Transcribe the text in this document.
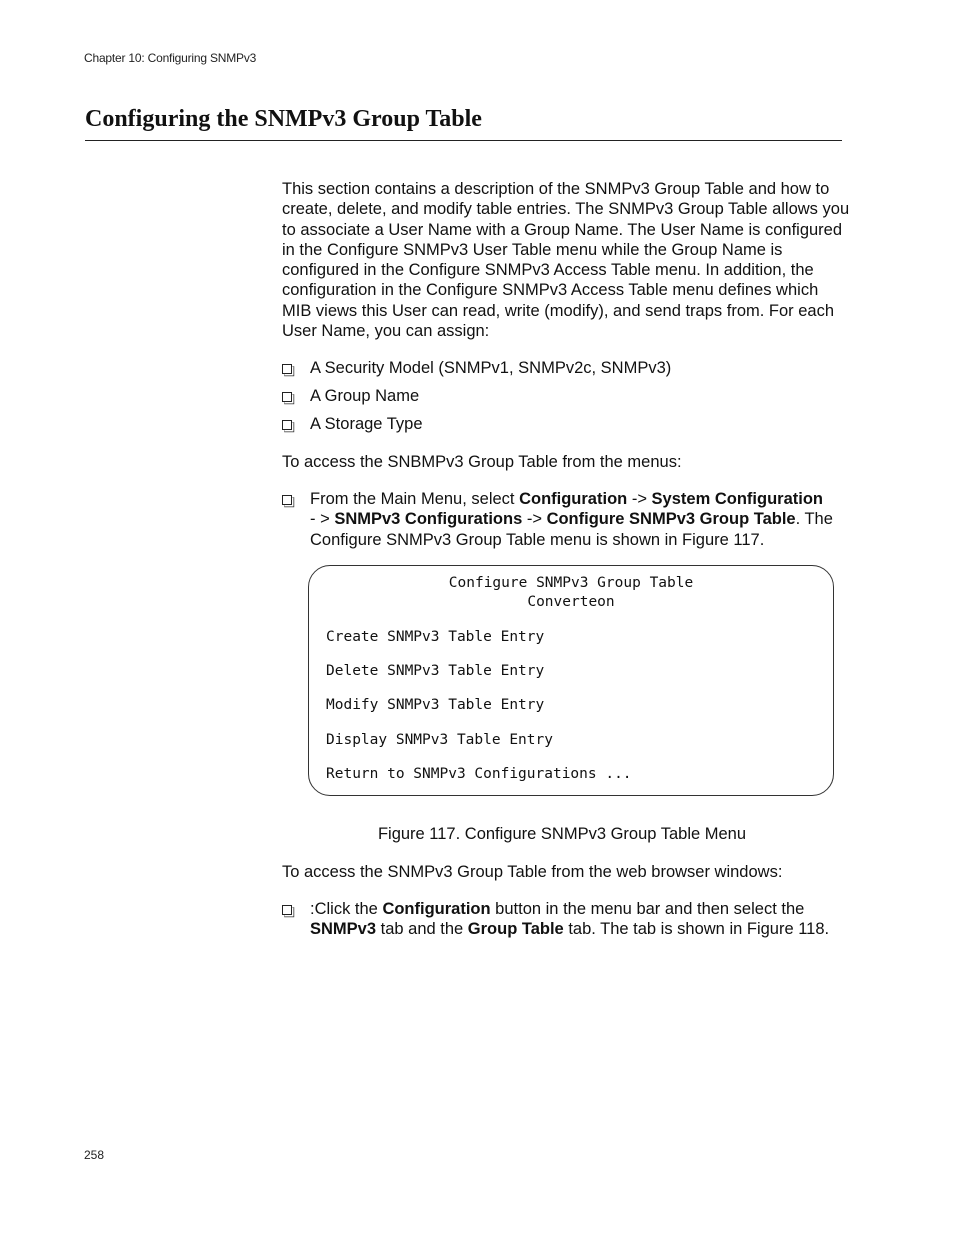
Chapter 10: Configuring SNMPv3
Configuring the SNMPv3 Group Table

This section contains a description of the SNMPv3 Group Table and how to create, delete, and modify table entries. The SNMPv3 Group Table allows you to associate a User Name with a Group Name. The User Name is configured in the Configure SNMPv3 User Table menu while the Group Name is configured in the Configure SNMPv3 Access Table menu. In addition, the configuration in the Configure SNMPv3 Access Table menu defines which MIB views this User can read, write (modify), and send traps from. For each User Name, you can assign:

A Security Model (SNMPv1, SNMPv2c, SNMPv3)
A Group Name
A Storage Type

To access the SNBMPv3 Group Table from the menus:

From the Main Menu, select Configuration -> System Configuration
- > SNMPv3 Configurations -> Configure SNMPv3 Group Table. The Configure SNMPv3 Group Table menu is shown in Figure 117.
Configure SNMPv3 Group Table
Converteon
Create SNMPv3 Table Entry
Delete SNMPv3 Table Entry
Modify SNMPv3 Table Entry
Display SNMPv3 Table Entry
Return to SNMPv3 Configurations ...
Figure 117. Configure SNMPv3 Group Table Menu

To access the SNMPv3 Group Table from the web browser windows:

:Click the Configuration button in the menu bar and then select the
SNMPv3 tab and the Group Table tab. The tab is shown in Figure 118.
258
